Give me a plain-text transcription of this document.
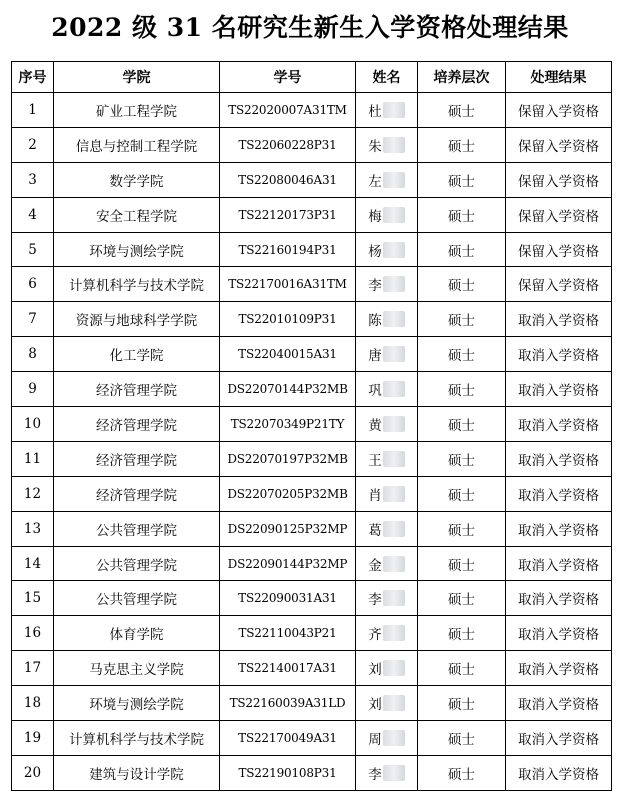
2022 级 31 名研究生新生入学资格处理结果
序号	学院	学号	姓名	培养层次	处理结果
1	矿业工程学院	TS22020007A31TM	杜	硕士	保留入学资格
2	信息与控制工程学院	TS22060228P31	朱	硕士	保留入学资格
3	数学学院	TS22080046A31	左	硕士	保留入学资格
4	安全工程学院	TS22120173P31	梅	硕士	保留入学资格
5	环境与测绘学院	TS22160194P31	杨	硕士	保留入学资格
6	计算机科学与技术学院	TS22170016A31TM	李	硕士	保留入学资格
7	资源与地球科学学院	TS22010109P31	陈	硕士	取消入学资格
8	化工学院	TS22040015A31	唐	硕士	取消入学资格
9	经济管理学院	DS22070144P32MB	巩	硕士	取消入学资格
10	经济管理学院	TS22070349P21TY	黄	硕士	取消入学资格
11	经济管理学院	DS22070197P32MB	王	硕士	取消入学资格
12	经济管理学院	DS22070205P32MB	肖	硕士	取消入学资格
13	公共管理学院	DS22090125P32MP	葛	硕士	取消入学资格
14	公共管理学院	DS22090144P32MP	金	硕士	取消入学资格
15	公共管理学院	TS22090031A31	李	硕士	取消入学资格
16	体育学院	TS22110043P21	齐	硕士	取消入学资格
17	马克思主义学院	TS22140017A31	刘	硕士	取消入学资格
18	环境与测绘学院	TS22160039A31LD	刘	硕士	取消入学资格
19	计算机科学与技术学院	TS22170049A31	周	硕士	取消入学资格
20	建筑与设计学院	TS22190108P31	李	硕士	取消入学资格
